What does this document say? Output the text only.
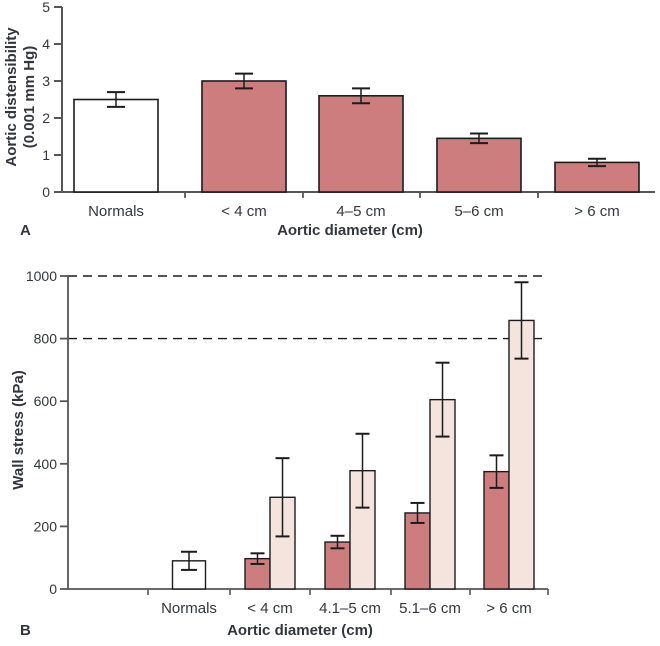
0
1
2
3
4
5
Normals	< 4 cm	4–5 cm	5–6 cm	> 6 cm
0
200
400
600
800
1000
Normals < 4 cm 4.1–5 cm 5.1–6 cm > 6 cm
Aortic distensibility (0.001 mm Hg)
A	Aortic diameter (cm)
Wall stress (kPa)
B	Aortic diameter (cm)
